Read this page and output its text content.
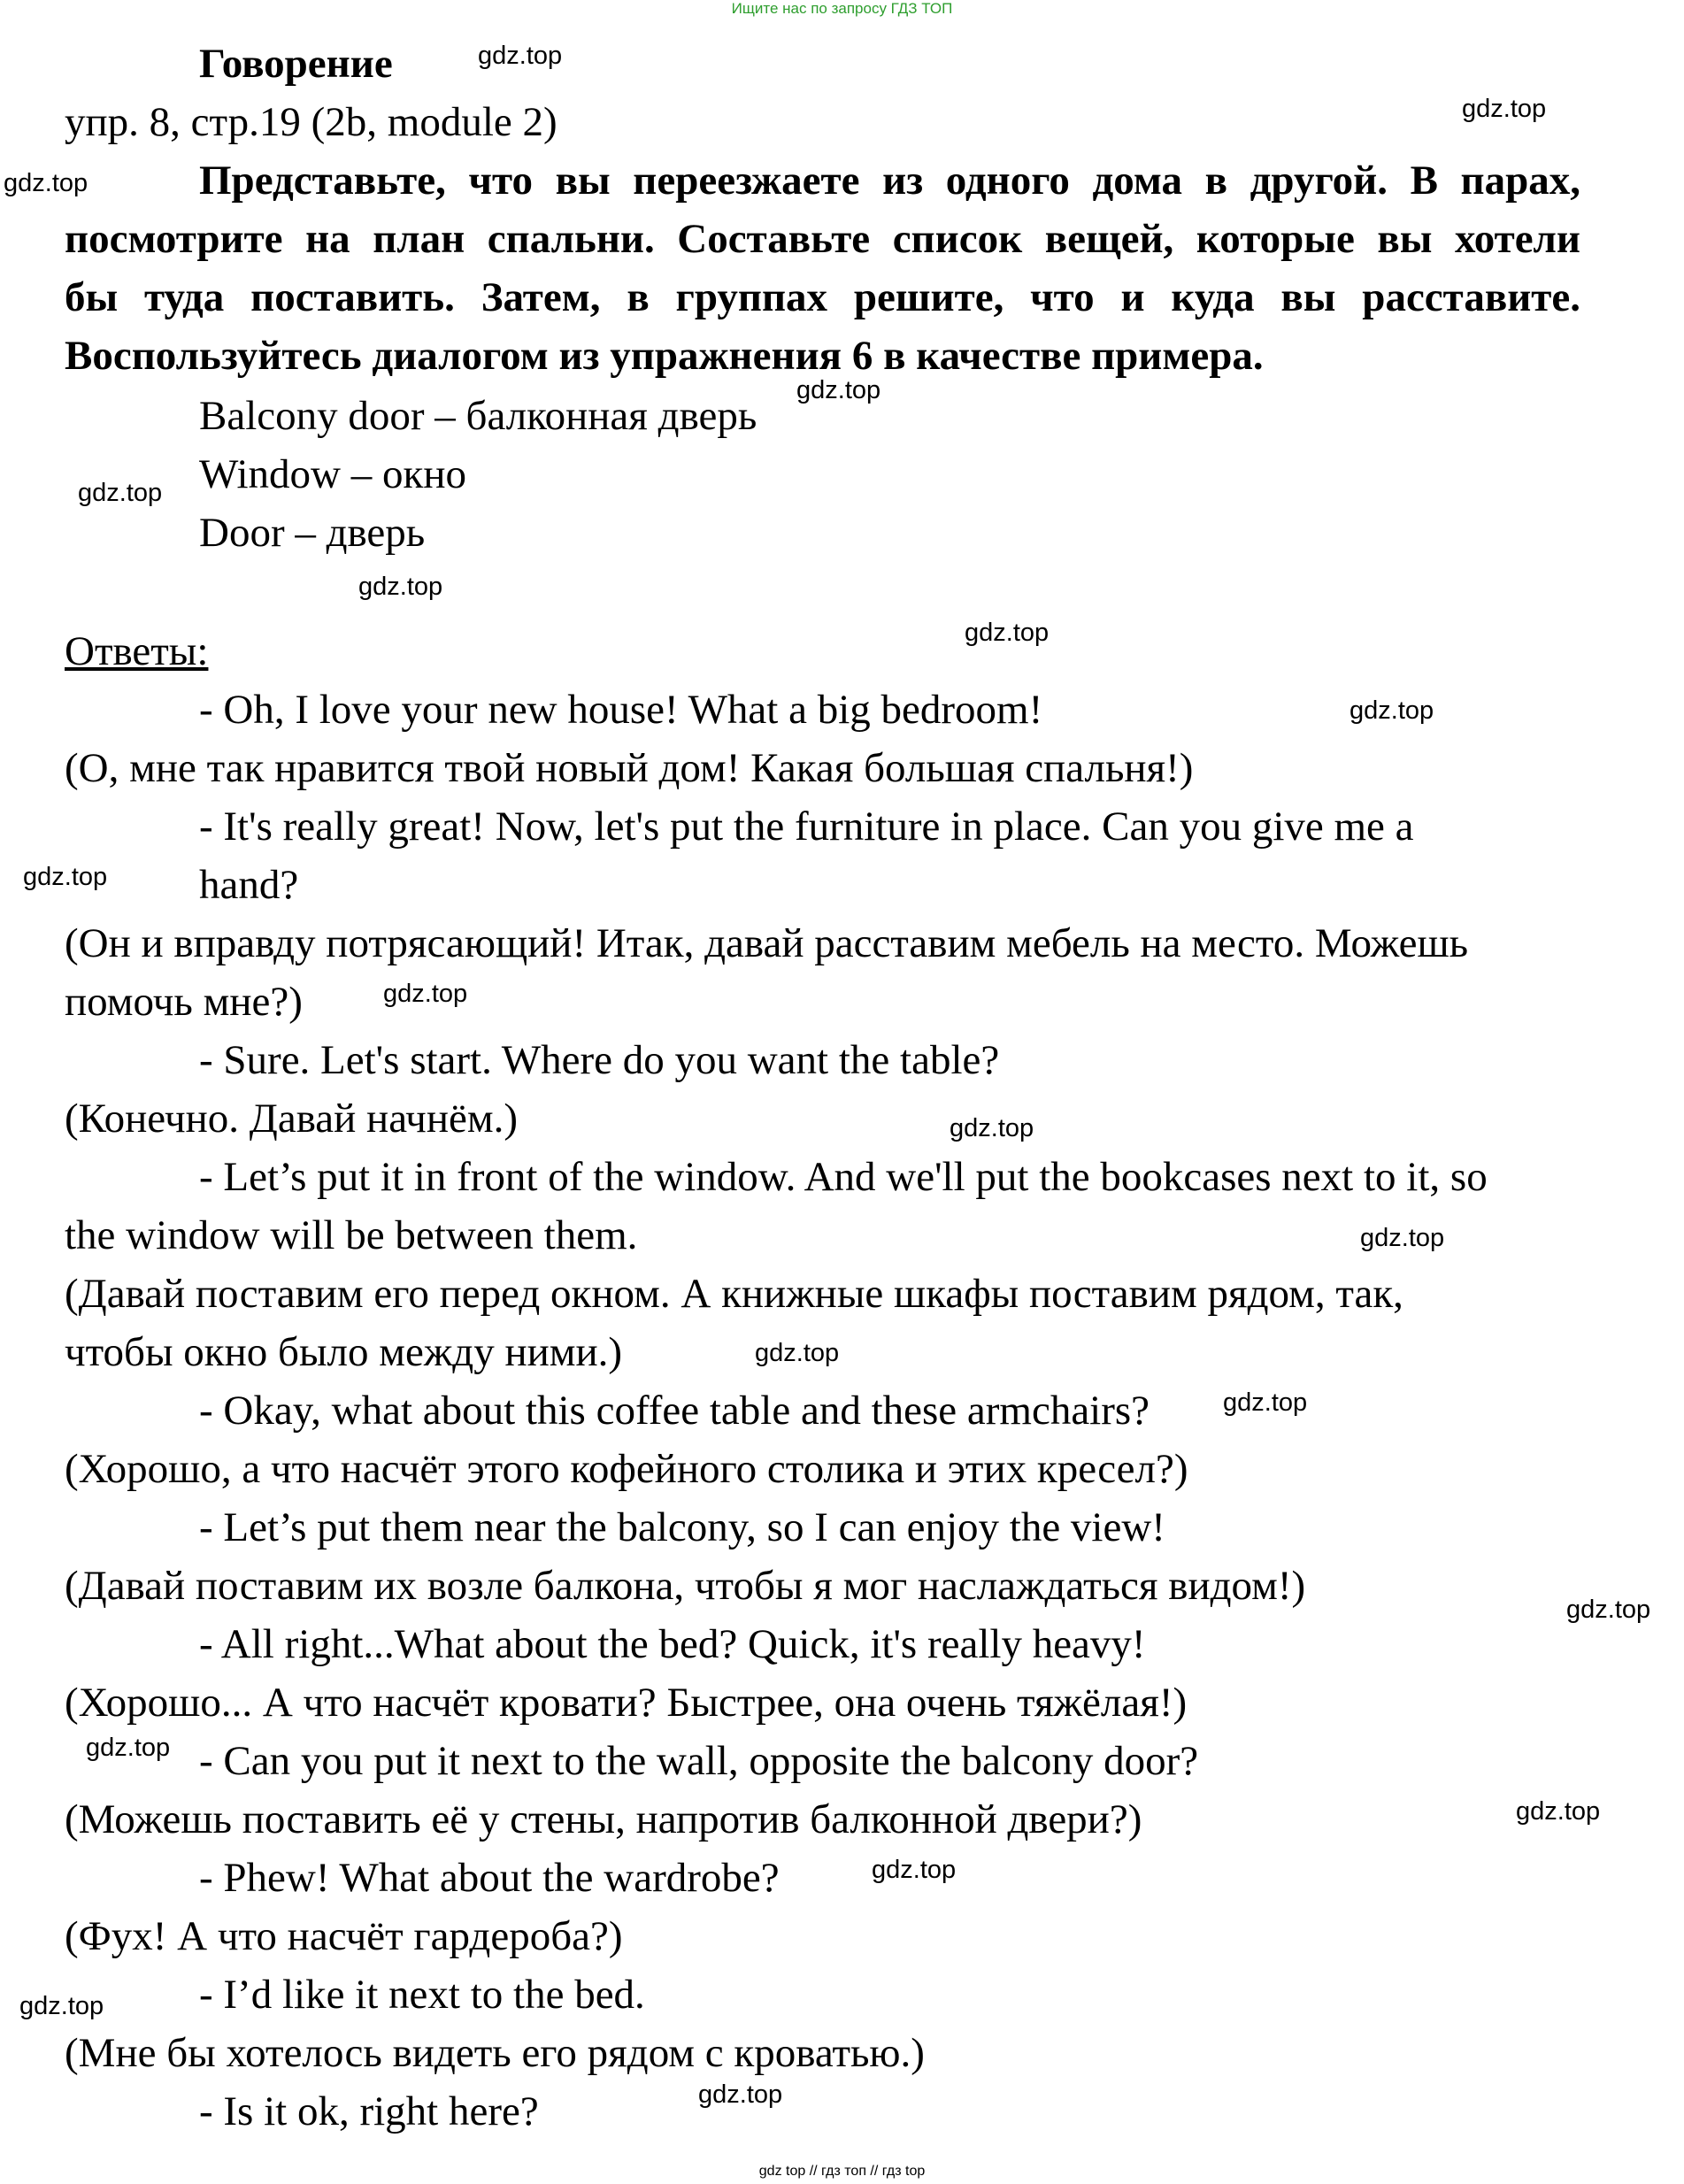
Ищите нас по запросу ГДЗ ТОП
Говорение
упр. 8, стр.19 (2b, module 2)
Представьте, что вы переезжаете из одного дома в другой. В парах,
посмотрите на план спальни. Составьте список вещей, которые вы хотели
бы туда поставить. Затем, в группах решите, что и куда вы расставите.
Воспользуйтесь диалогом из упражнения 6 в качестве примера.
Balcony door – балконная дверь
Window – окно
Door – дверь
Ответы:
- Oh, I love your new house! What a big bedroom!
(О, мне так нравится твой новый дом! Какая большая спальня!)
- It's really great! Now, let's put the furniture in place. Can you give me a
hand?
(Он и вправду потрясающий! Итак, давай расставим мебель на место. Можешь
помочь мне?)
- Sure. Let's start. Where do you want the table?
(Конечно. Давай начнём.)
- Let’s put it in front of the window. And we'll put the bookcases next to it, so
the window will be between them.
(Давай поставим его перед окном. А книжные шкафы поставим рядом, так,
чтобы окно было между ними.)
- Okay, what about this coffee table and these armchairs?
(Хорошо, а что насчёт этого кофейного столика и этих кресел?)
- Let’s put them near the balcony, so I can enjoy the view!
(Давай поставим их возле балкона, чтобы я мог наслаждаться видом!)
- All right...What about the bed? Quick, it's really heavy!
(Хорошо... А что насчёт кровати? Быстрее, она очень тяжёлая!)
- Can you put it next to the wall, opposite the balcony door?
(Можешь поставить её у стены, напротив балконной двери?)
- Phew! What about the wardrobe?
(Фух! А что насчёт гардероба?)
- I’d like it next to the bed.
(Мне бы хотелось видеть его рядом с кроватью.)
- Is it ok, right here?
gdz.top
gdz.top
gdz.top
gdz.top
gdz.top
gdz.top
gdz.top
gdz.top
gdz.top
gdz.top
gdz.top
gdz.top
gdz.top
gdz.top
gdz.top
gdz.top
gdz.top
gdz.top
gdz.top
gdz.top
gdz top // гдз топ // гдз top
